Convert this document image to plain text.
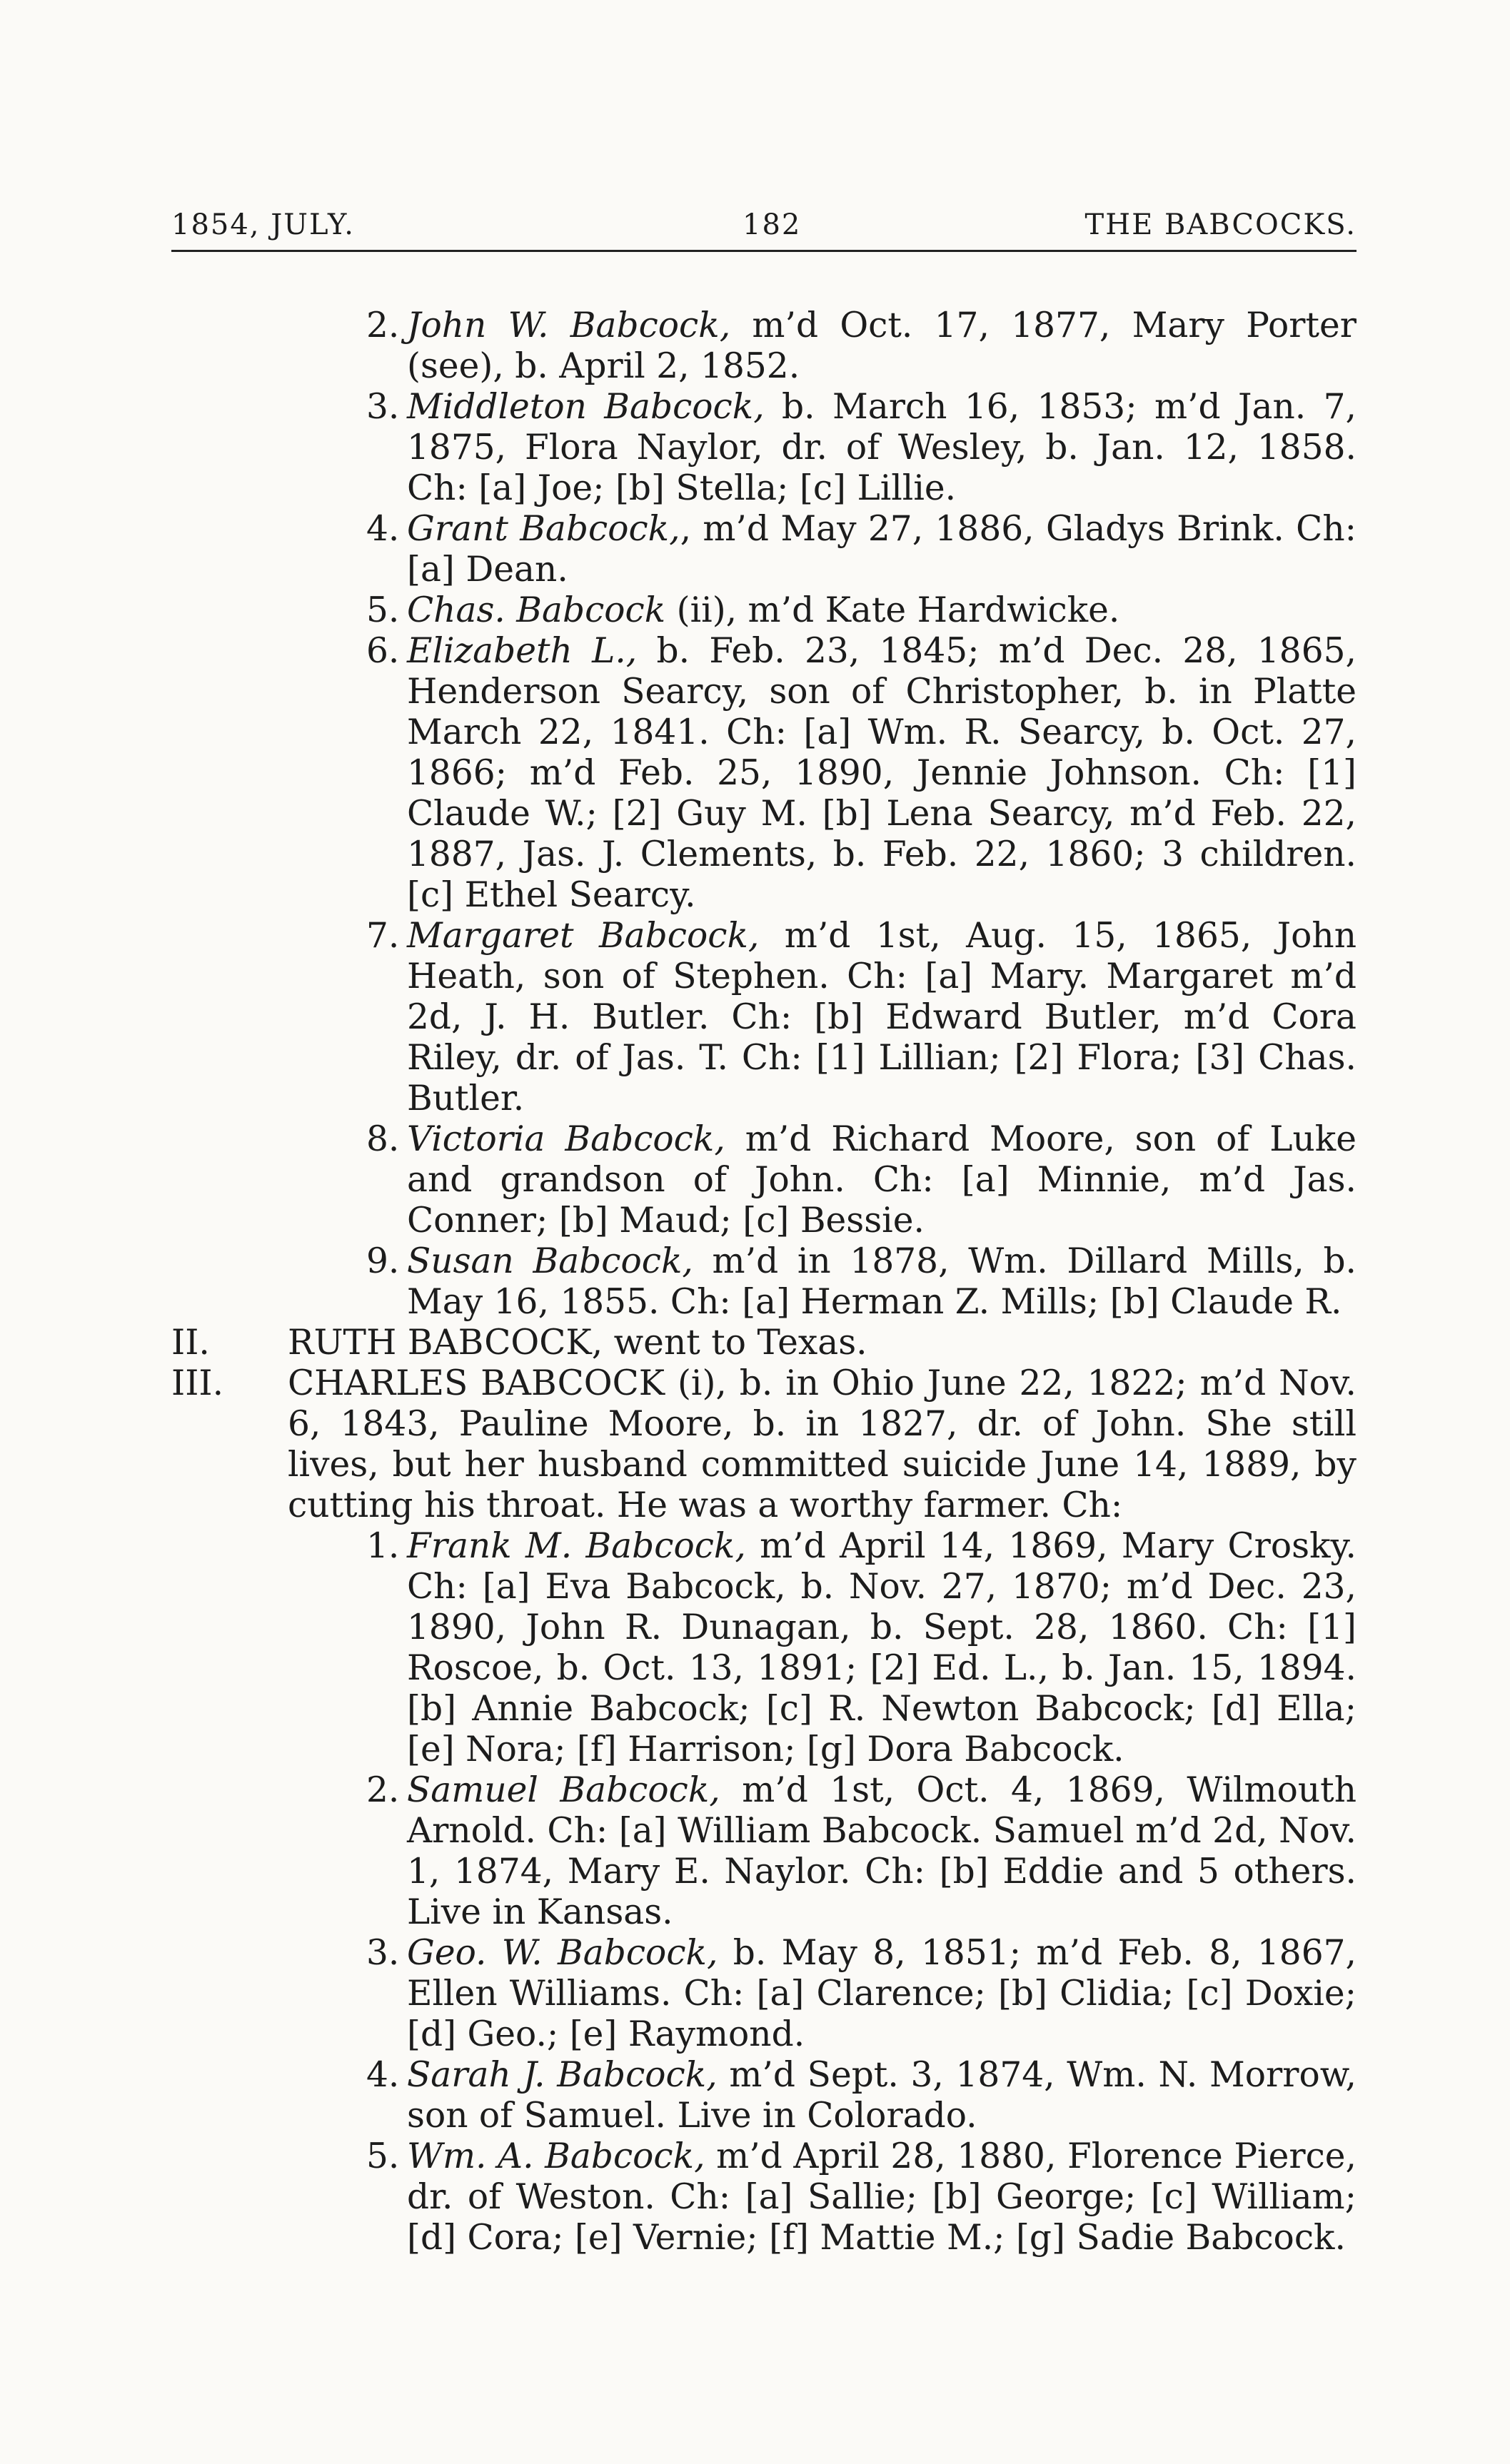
1854, JULY.	182	THE BABCOCKS.
2. John W. Babcock, m’d Oct. 17, 1877, Mary Porter (see), b. April 2, 1852.
3. Middleton Babcock, b. March 16, 1853; m’d Jan. 7, 1875, Flora Naylor, dr. of Wesley, b. Jan. 12, 1858. Ch: [a] Joe; [b] Stella; [c] Lillie.
4. Grant Babcock,, m’d May 27, 1886, Gladys Brink. Ch: [a] Dean.
5. Chas. Babcock (ii), m’d Kate Hardwicke.
6. Elizabeth L., b. Feb. 23, 1845; m’d Dec. 28, 1865, Henderson Searcy, son of Christopher, b. in Platte March 22, 1841. Ch: [a] Wm. R. Searcy, b. Oct. 27, 1866; m’d Feb. 25, 1890, Jennie Johnson. Ch: [1] Claude W.; [2] Guy M. [b] Lena Searcy, m’d Feb. 22, 1887, Jas. J. Clements, b. Feb. 22, 1860; 3 children. [c] Ethel Searcy.
7. Margaret Babcock, m’d 1st, Aug. 15, 1865, John Heath, son of Stephen. Ch: [a] Mary. Margaret m’d 2d, J. H. Butler. Ch: [b] Edward Butler, m’d Cora Riley, dr. of Jas. T. Ch: [1] Lillian; [2] Flora; [3] Chas. Butler.
8. Victoria Babcock, m’d Richard Moore, son of Luke and grandson of John. Ch: [a] Minnie, m’d Jas. Conner; [b] Maud; [c] Bessie.
9. Susan Babcock, m’d in 1878, Wm. Dillard Mills, b. May 16, 1855. Ch: [a] Herman Z. Mills; [b] Claude R.
II. RUTH BABCOCK, went to Texas.
III. CHARLES BABCOCK (i), b. in Ohio June 22, 1822; m’d Nov. 6, 1843, Pauline Moore, b. in 1827, dr. of John. She still lives, but her husband committed suicide June 14, 1889, by cutting his throat. He was a worthy farmer. Ch:
1. Frank M. Babcock, m’d April 14, 1869, Mary Crosky. Ch: [a] Eva Babcock, b. Nov. 27, 1870; m’d Dec. 23, 1890, John R. Dunagan, b. Sept. 28, 1860. Ch: [1] Roscoe, b. Oct. 13, 1891; [2] Ed. L., b. Jan. 15, 1894. [b] Annie Babcock; [c] R. Newton Babcock; [d] Ella; [e] Nora; [f] Harrison; [g] Dora Babcock.
2. Samuel Babcock, m’d 1st, Oct. 4, 1869, Wilmouth Arnold. Ch: [a] William Babcock. Samuel m’d 2d, Nov. 1, 1874, Mary E. Naylor. Ch: [b] Eddie and 5 others. Live in Kansas.
3. Geo. W. Babcock, b. May 8, 1851; m’d Feb. 8, 1867, Ellen Williams. Ch: [a] Clarence; [b] Clidia; [c] Doxie; [d] Geo.; [e] Raymond.
4. Sarah J. Babcock, m’d Sept. 3, 1874, Wm. N. Morrow, son of Samuel. Live in Colorado.
5. Wm. A. Babcock, m’d April 28, 1880, Florence Pierce, dr. of Weston. Ch: [a] Sallie; [b] George; [c] William; [d] Cora; [e] Vernie; [f] Mattie M.; [g] Sadie Babcock.
